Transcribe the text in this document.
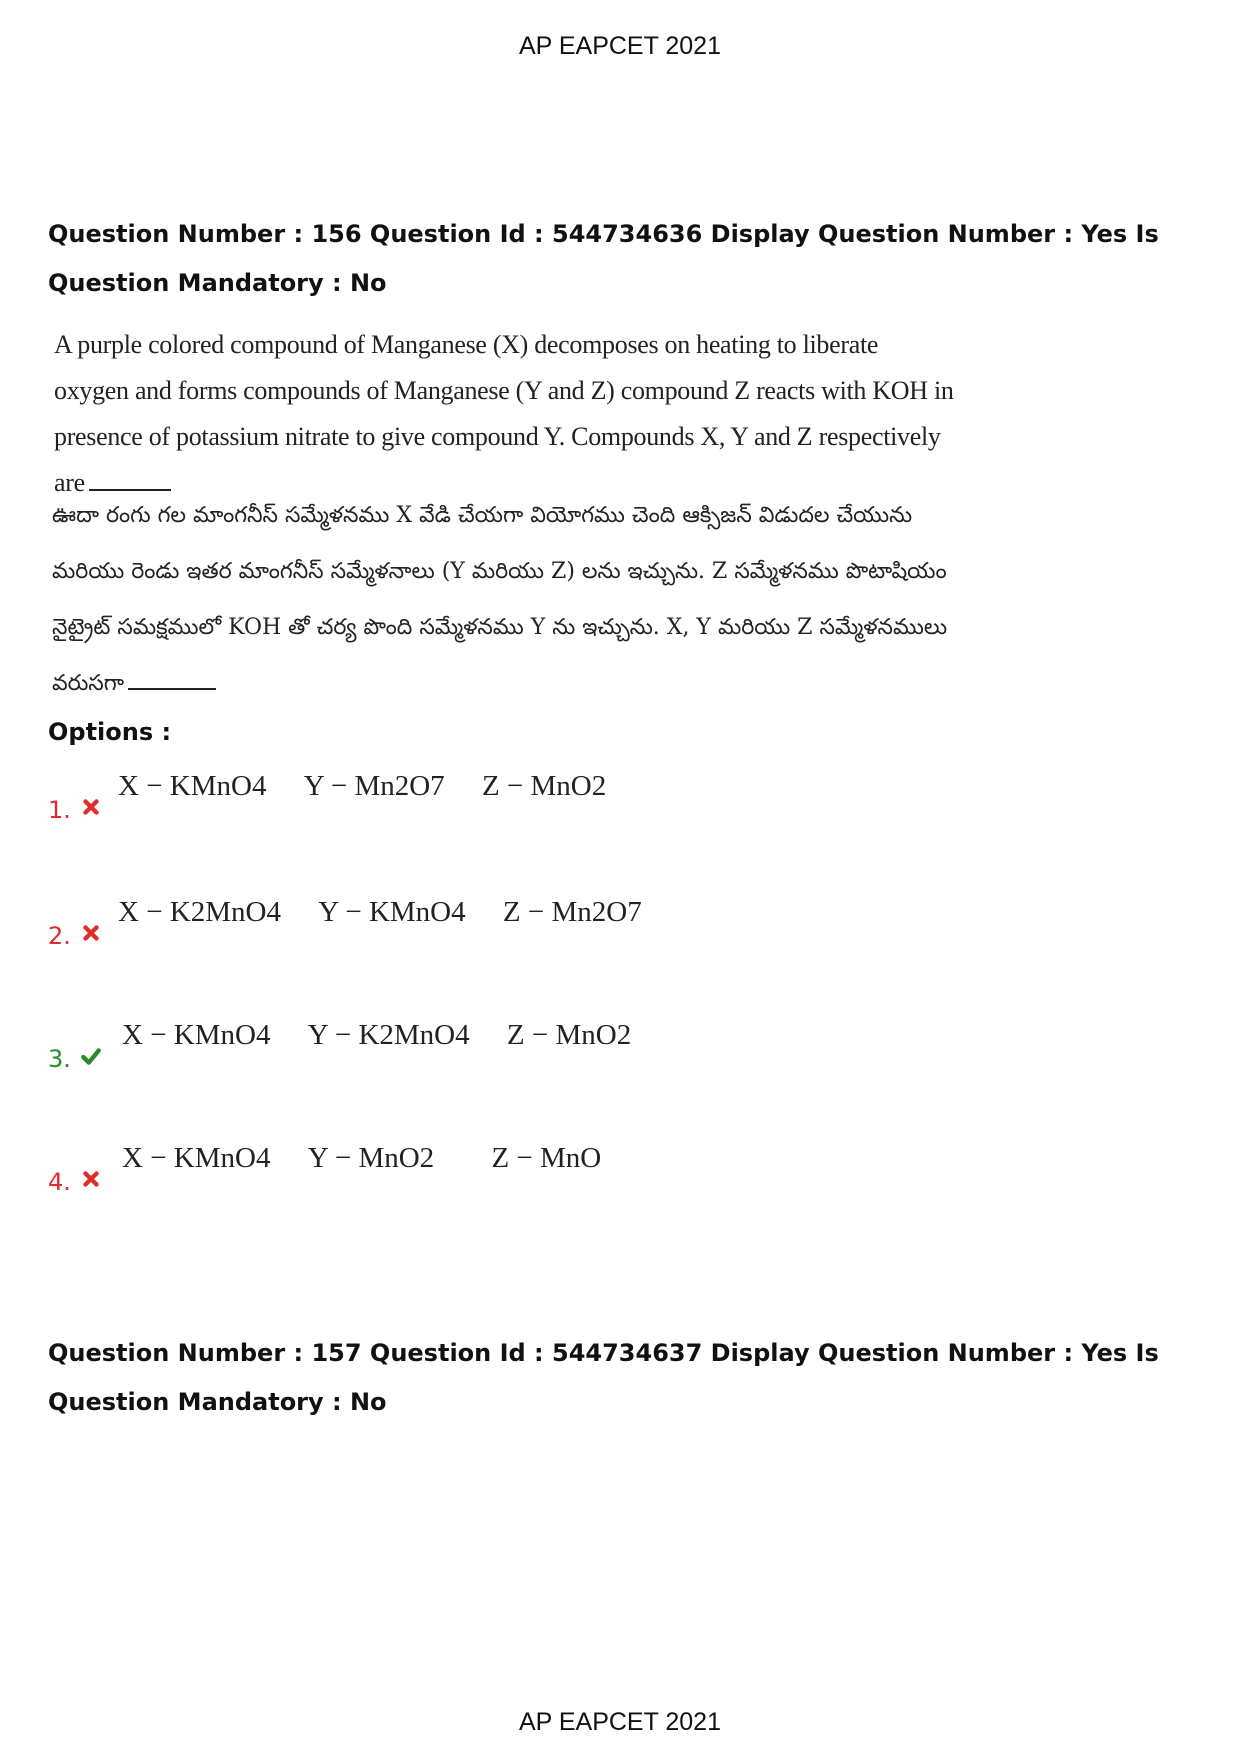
AP EAPCET 2021
Question Number : 156 Question Id : 544734636 Display Question Number : Yes Is Question Mandatory : No
A purple colored compound of Manganese (X) decomposes on heating to liberate oxygen and forms compounds of Manganese (Y and Z) compound Z reacts with KOH in presence of potassium nitrate to give compound Y. Compounds X, Y and Z respectively are
ఊదా రంగు గల మాంగనీస్ సమ్మేళనము X వేడి చేయగా వియోగము చెంది ఆక్సిజన్ విడుదల చేయును మరియు రెండు ఇతర మాంగనీస్ సమ్మేళనాలు (Y మరియు Z) లను ఇచ్చును. Z సమ్మేళనము పొటాషియం నైట్రైట్ సమక్షములో KOH తో చర్య పొంది సమ్మేళనము Y ను ఇచ్చును. X, Y మరియు Z సమ్మేళనములు వరుసగా
Options :
1.
X − KMnO4 Y − Mn2O7 Z − MnO2
2.
X − K2MnO4 Y − KMnO4 Z − Mn2O7
3.
X − KMnO4 Y − K2MnO4 Z − MnO2
4.
X − KMnO4 Y − MnO2 Z − MnO
Question Number : 157 Question Id : 544734637 Display Question Number : Yes Is Question Mandatory : No
AP EAPCET 2021
